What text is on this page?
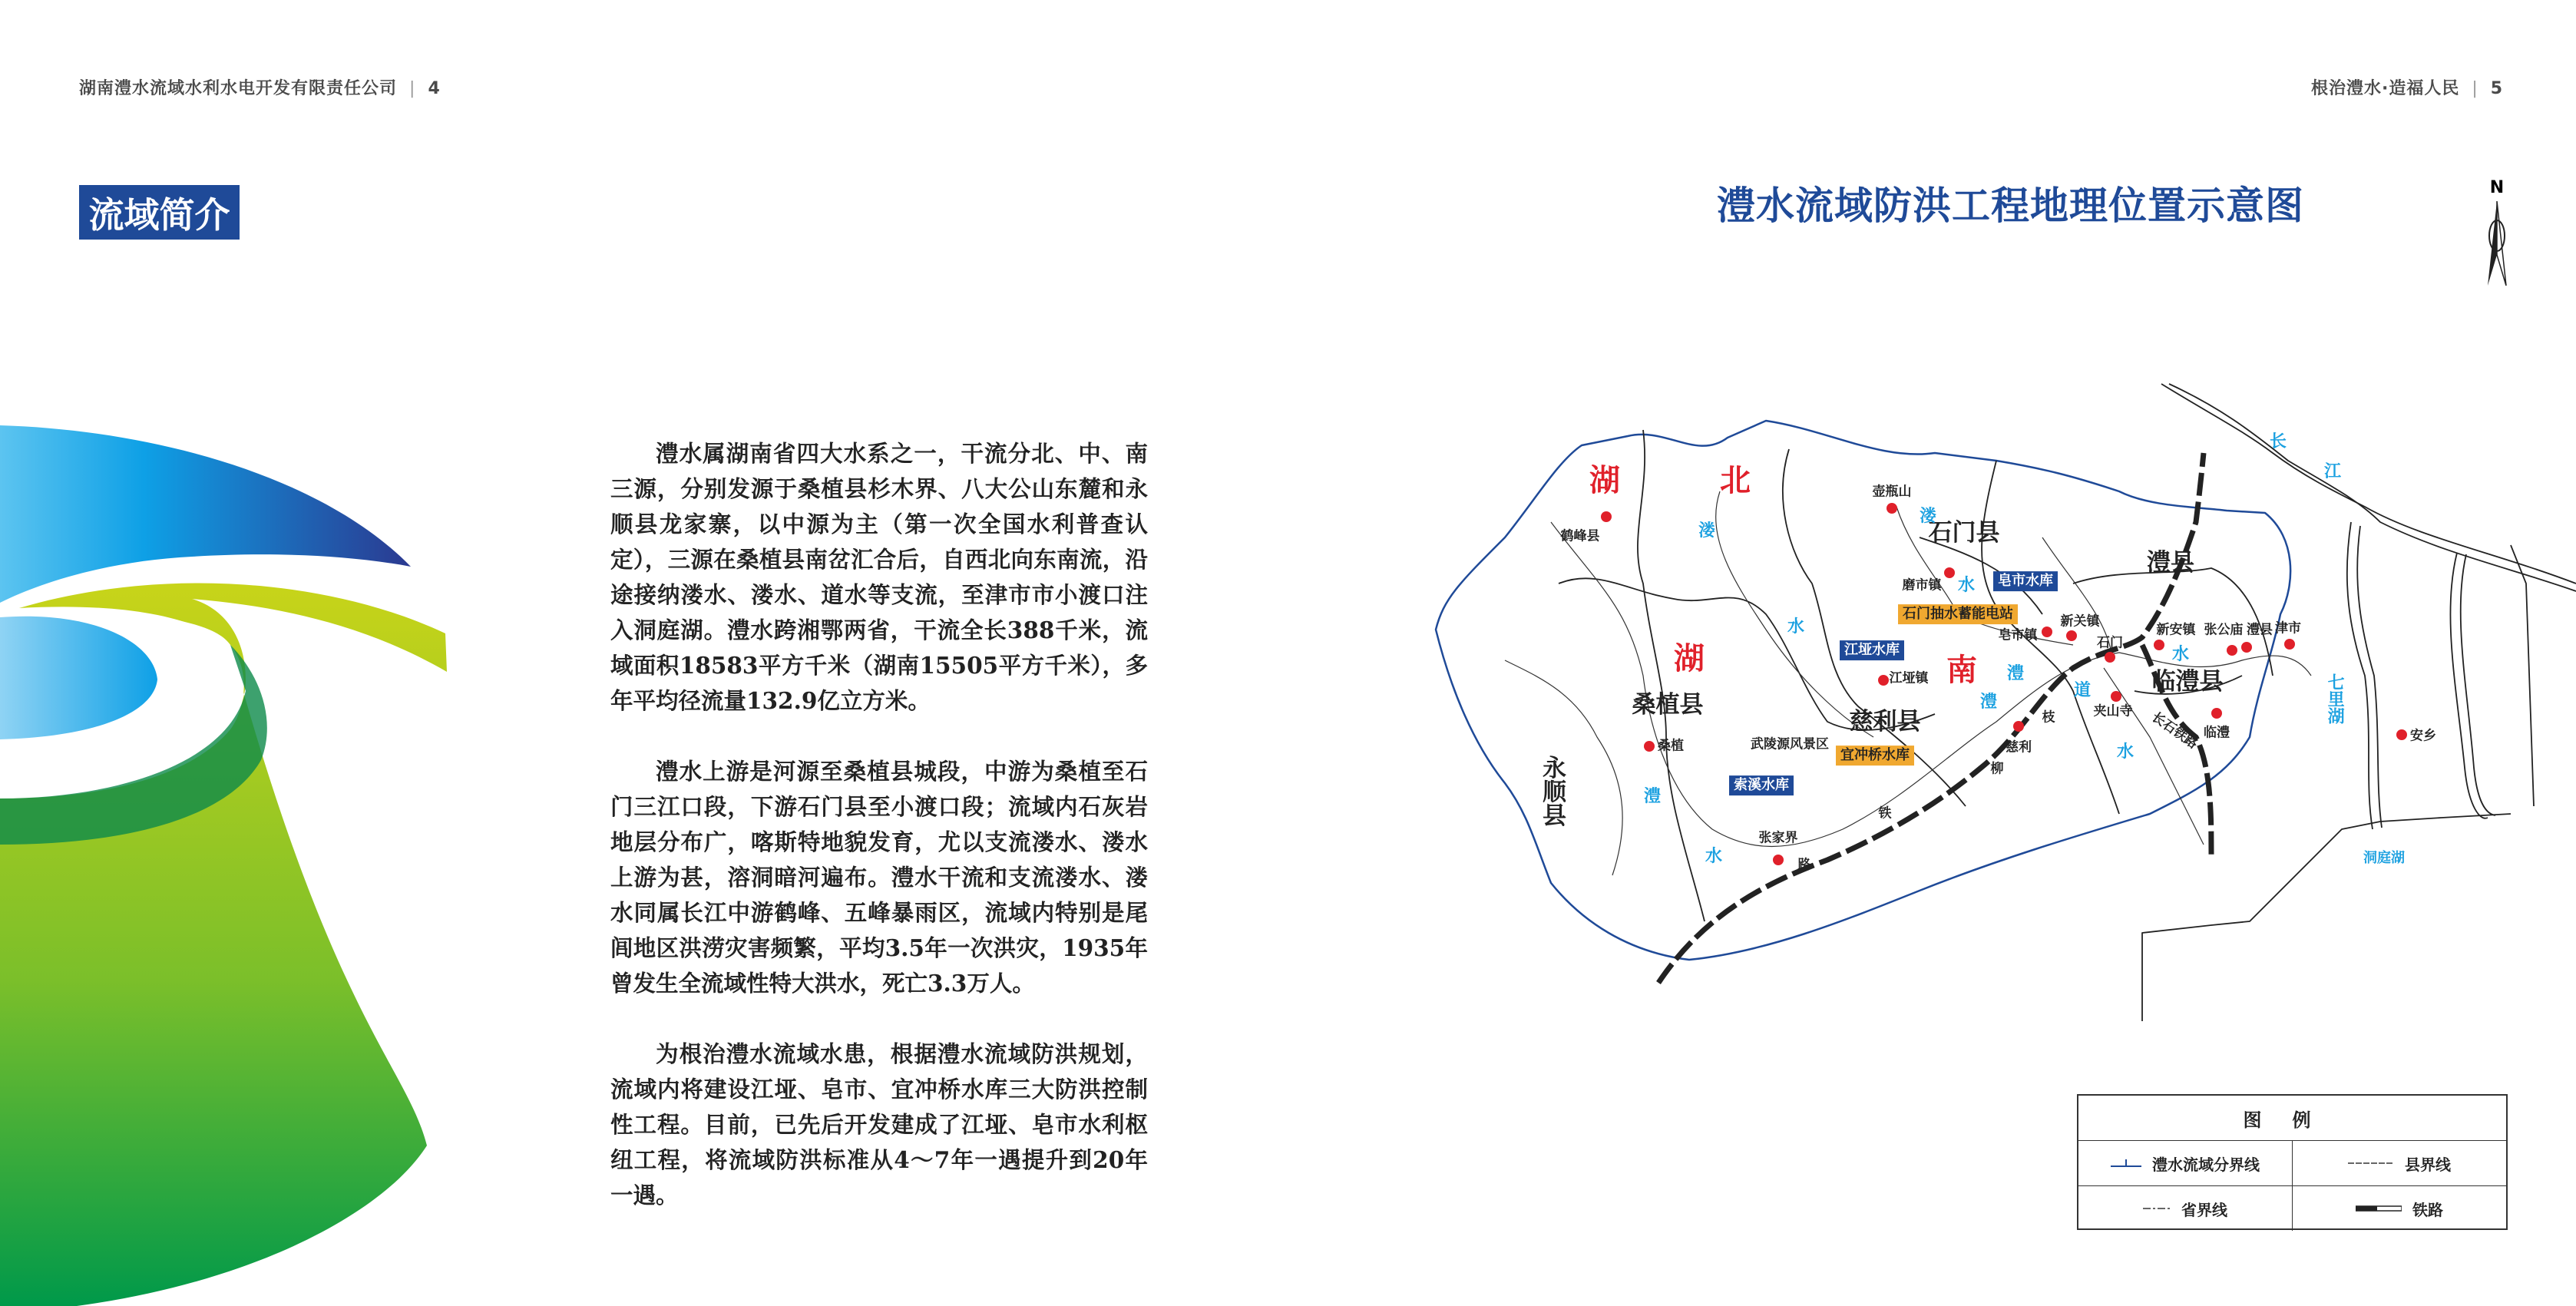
湖南澧水流域水利水电开发有限责任公司 | 4	根治澧水·造福人民 | 5
流域简介

澧水属湖南省四大水系之一，干流分北、中、南三源，分别发源于桑植县杉木界、八大公山东麓和永顺县龙家寨，以中源为主（第一次全国水利普查认定），三源在桑植县南岔汇合后，自西北向东南流，沿途接纳溇水、溇水、道水等支流，至津市市小渡口注入洞庭湖。澧水跨湘鄂两省，干流全长388千米，流域面积18583平方千米（湖南15505平方千米），多年平均径流量132.9亿立方米。

澧水上游是河源至桑植县城段，中游为桑植至石门三江口段，下游石门县至小渡口段；流域内石灰岩地层分布广，喀斯特地貌发育，尤以支流溇水、溇水上游为甚，溶洞暗河遍布。澧水干流和支流溇水、溇水同属长江中游鹤峰、五峰暴雨区，流域内特别是尾闾地区洪涝灾害频繁，平均3.5年一次洪灾，1935年曾发生全流域性特大洪水，死亡3.3万人。

为根治澧水流域水患，根据澧水流域防洪规划，流域内将建设江垭、皂市、宜冲桥水库三大防洪控制性工程。目前，已先后开发建成了江垭、皂市水利枢纽工程，将流域防洪标准从4～7年一遇提升到20年一遇。

澧水流域防洪工程地理位置示意图	N
湖	北
湖	南
石门县
澧县
临澧县
桑植县
慈利县
永顺县
鹤峰县
壶瓶山
磨市镇
皂市镇
新关镇
石门
新安镇 张公庙 澧县 津市
安乡
临澧
夹山寺
江垭镇
慈利
桑植
张家界
武陵源风景区	长石铁路
枝
柳
铁
路
溇
溇
水
水
澧
水
道
水
澧
水
七里湖
长
江
洞庭湖
澧
皂市水库
江垭水库
索溪水库
石门抽水蓄能电站
宜冲桥水库
图例
澧水流域分界线	县界线
省界线	铁路
